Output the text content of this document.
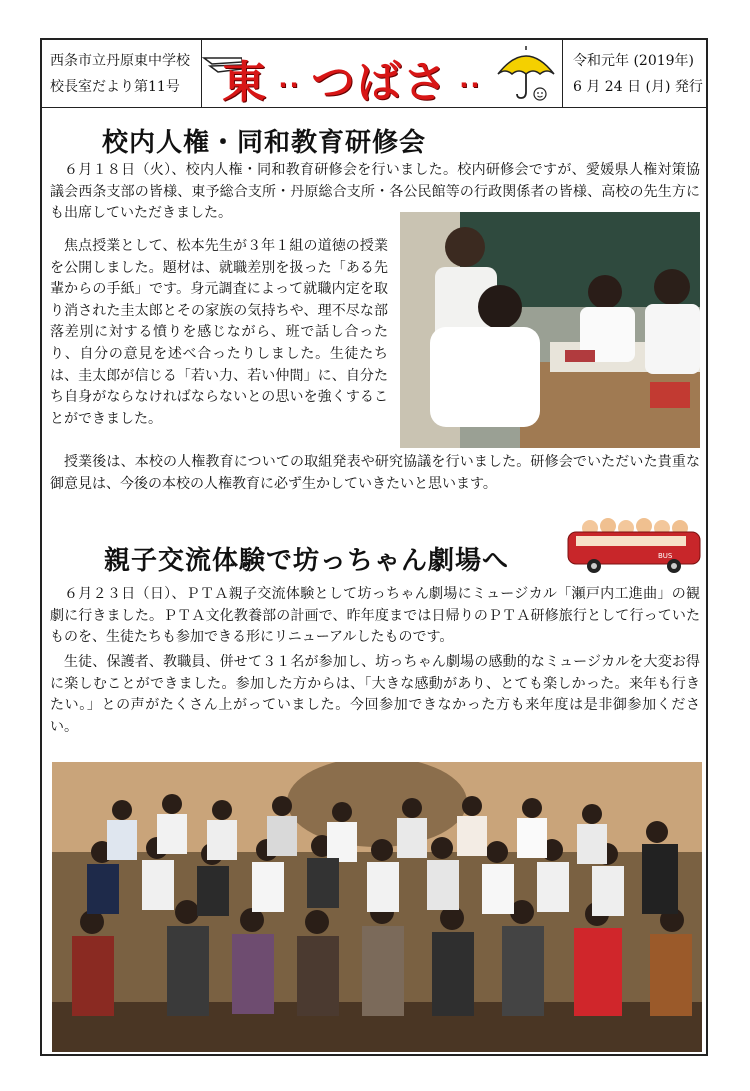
西条市立丹原東中学校
校長室だより第11号 東 ·· つばさ ··
令和元年 (2019年)
6 月 24 日 (月) 発行
校内人権・同和教育研修会

６月１８日（火）、校内人権・同和教育研修会を行いました。校内研修会ですが、愛媛県人権対策協議会西条支部の皆様、東予総合支所・丹原総合支所・各公民館等の行政関係者の皆様、高校の先生方にも出席していただきました。

焦点授業として、松本先生が３年１組の道徳の授業を公開しました。題材は、就職差別を扱った「ある先輩からの手紙」です。身元調査によって就職内定を取り消された圭太郎とその家族の気持ちや、理不尽な部落差別に対する憤りを感じながら、班で話し合ったり、自分の意見を述べ合ったりしました。生徒たちは、圭太郎が信じる「若い力、若い仲間」に、自分たち自身がならなければならないとの思いを強くすることができました。

授業後は、本校の人権教育についての取組発表や研究協議を行いました。研修会でいただいた貴重な御意見は、今後の本校の人権教育に必ず生かしていきたいと思います。

親子交流体験で坊っちゃん劇場へ	BUS

６月２３日（日）、ＰＴＡ親子交流体験として坊っちゃん劇場にミュージカル「瀬戸内工進曲」の観劇に行きました。ＰＴＡ文化教養部の計画で、昨年度までは日帰りのＰＴＡ研修旅行として行っていたものを、生徒たちも参加できる形にリニューアルしたものです。

生徒、保護者、教職員、併せて３１名が参加し、坊っちゃん劇場の感動的なミュージカルを大変お得に楽しむことができました。参加した方からは、「大きな感動があり、とても楽しかった。来年も行きたい。」との声がたくさん上がっていました。今回参加できなかった方も来年度は是非御参加ください。
